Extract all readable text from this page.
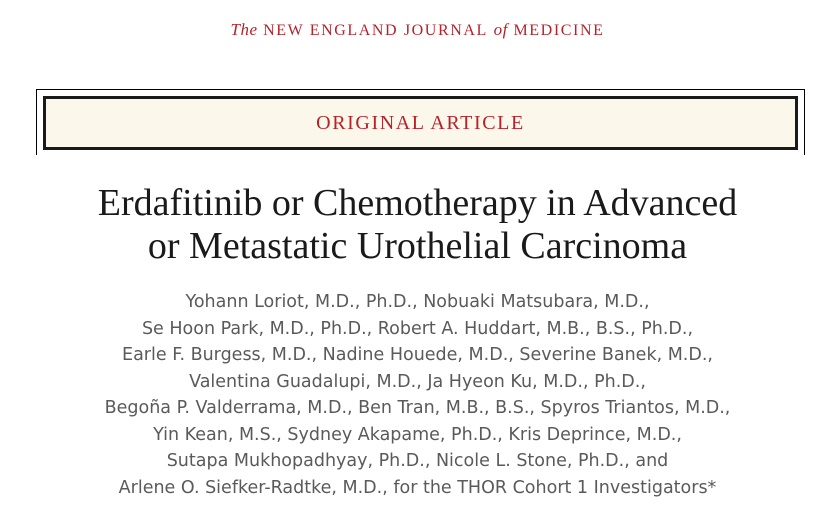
The NEW ENGLAND JOURNAL of MEDICINE
ORIGINAL ARTICLE
Erdafitinib or Chemotherapy in Advanced
or Metastatic Urothelial Carcinoma
Yohann Loriot, M.D., Ph.D., Nobuaki Matsubara, M.D.,
Se Hoon Park, M.D., Ph.D., Robert A. Huddart, M.B., B.S., Ph.D.,
Earle F. Burgess, M.D., Nadine Houede, M.D., Severine Banek, M.D.,
Valentina Guadalupi, M.D., Ja Hyeon Ku, M.D., Ph.D.,
Begoña P. Valderrama, M.D., Ben Tran, M.B., B.S., Spyros Triantos, M.D.,
Yin Kean, M.S., Sydney Akapame, Ph.D., Kris Deprince, M.D.,
Sutapa Mukhopadhyay, Ph.D., Nicole L. Stone, Ph.D., and
Arlene O. Siefker-Radtke, M.D., for the THOR Cohort 1 Investigators*
